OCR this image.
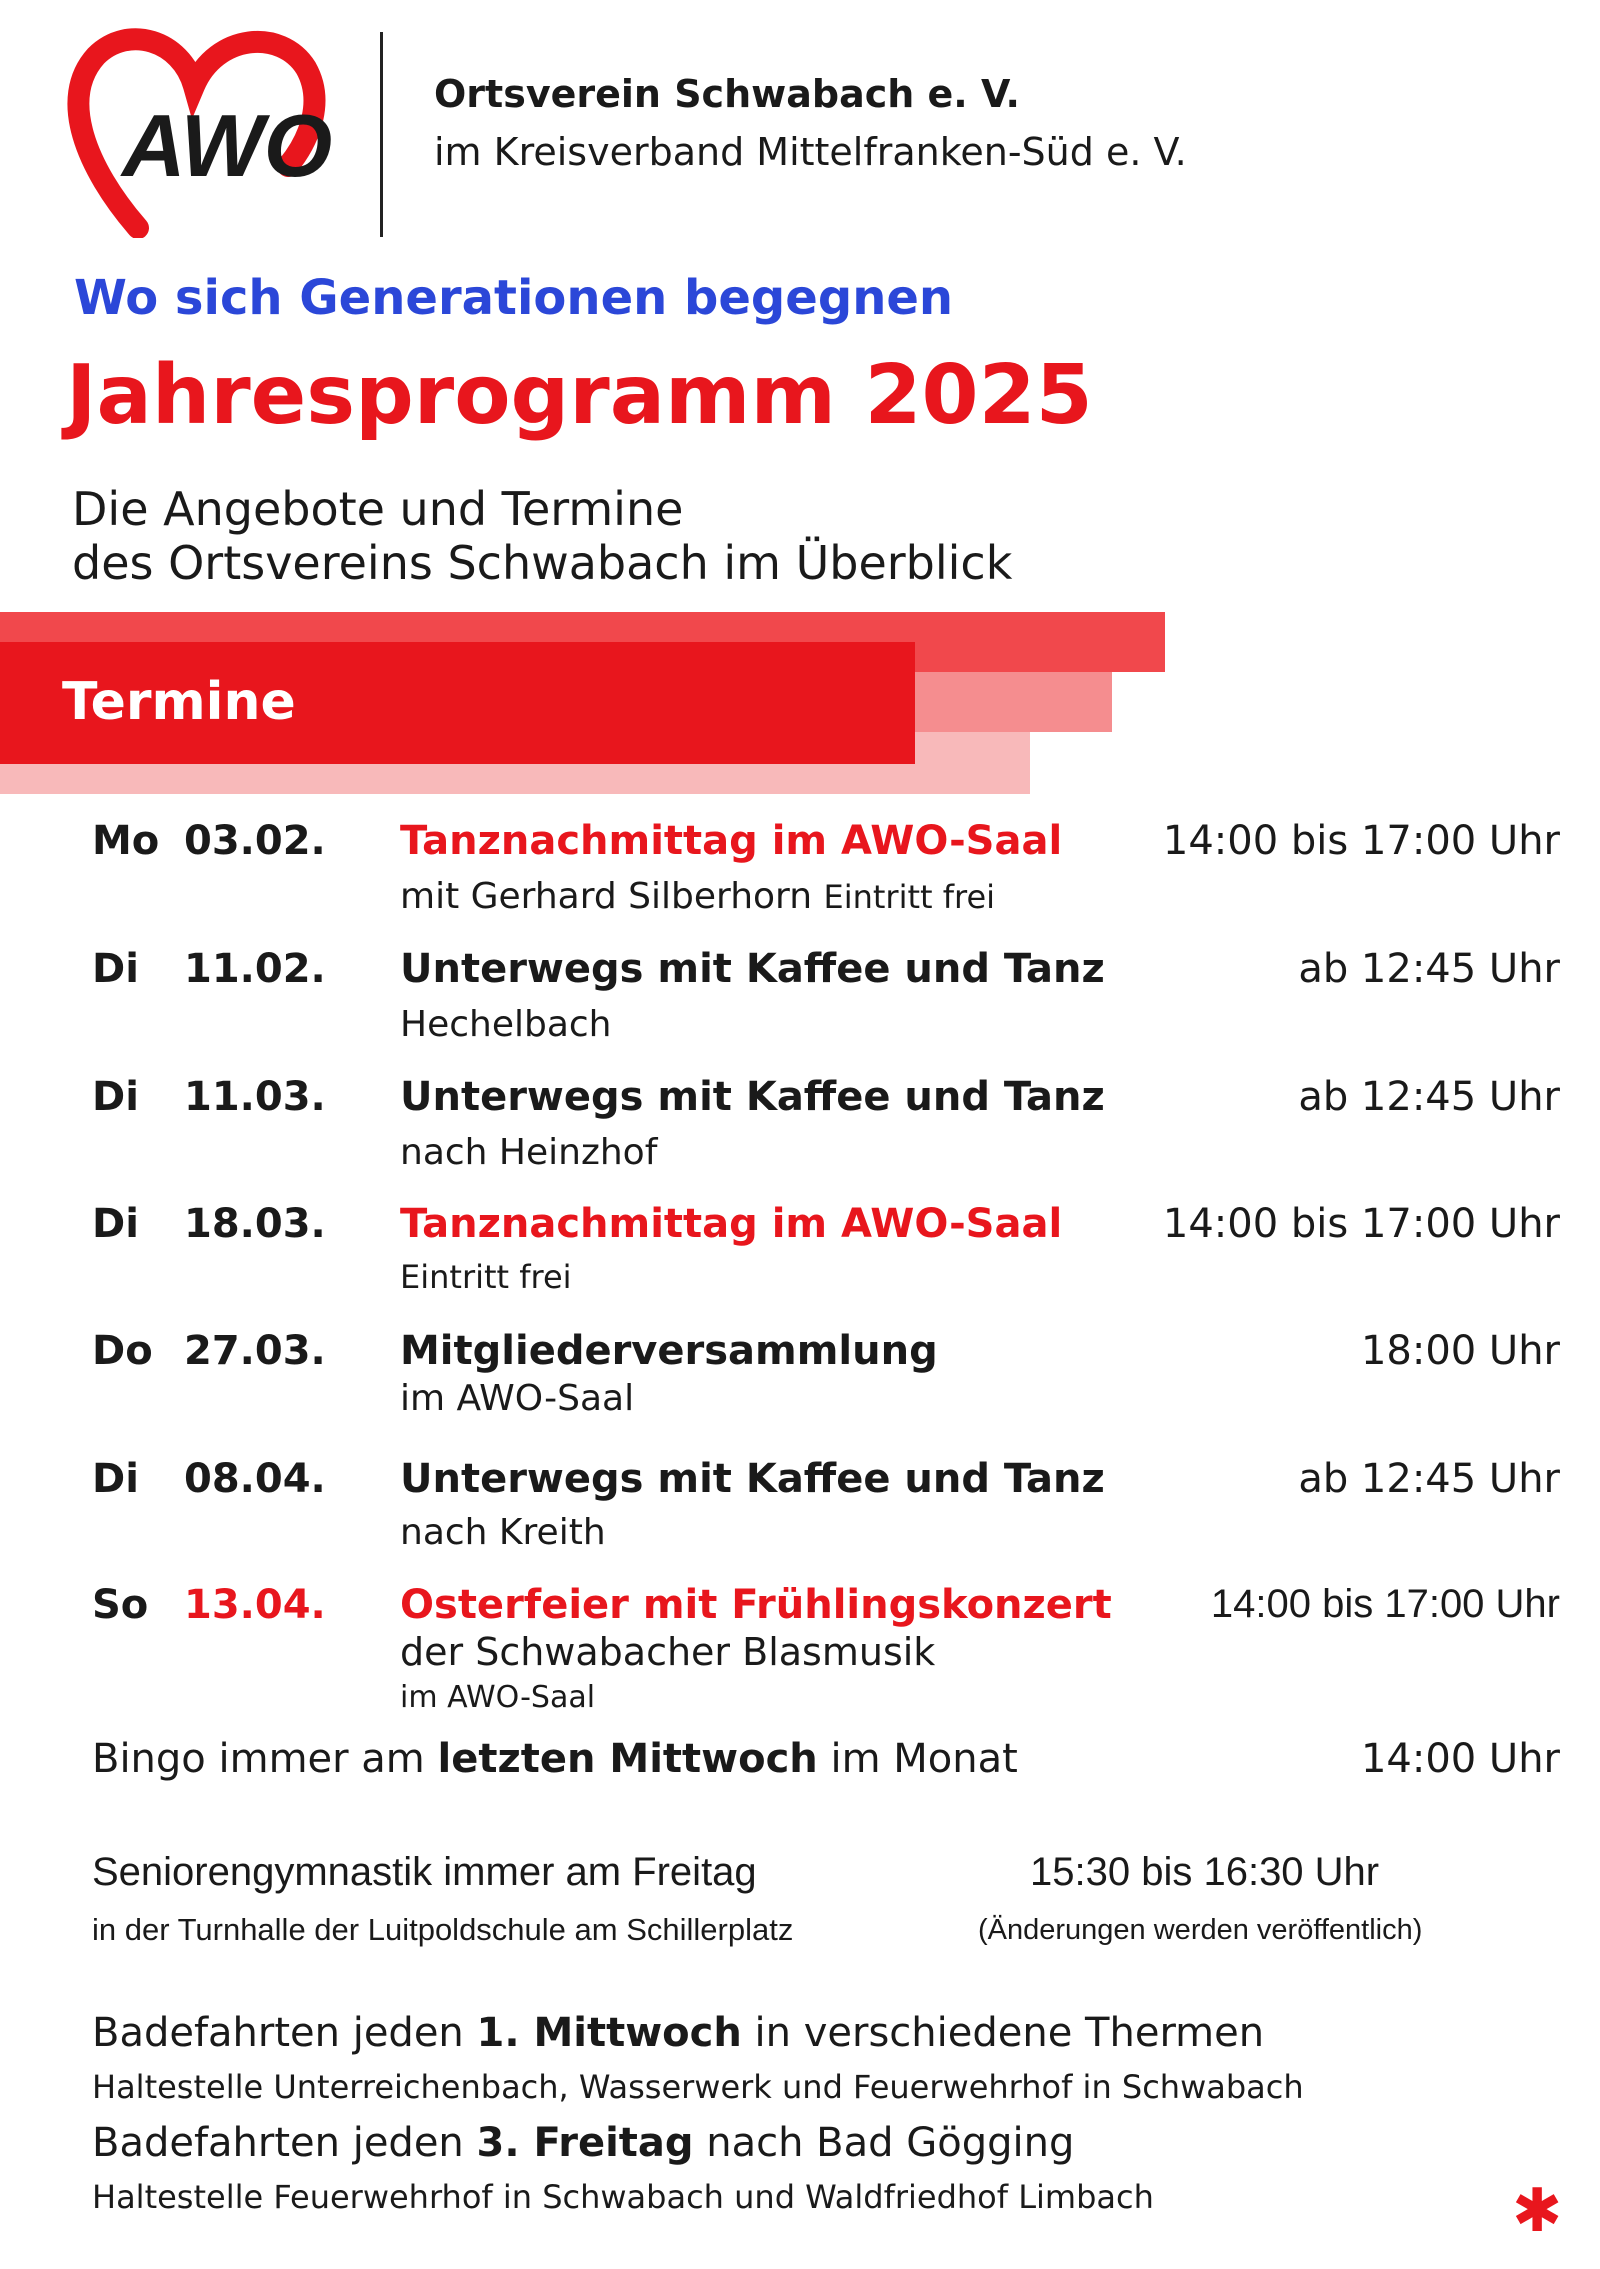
AWO
Ortsverein Schwabach e. V.
im Kreisverband Mittelfranken-Süd e. V.
Wo sich Generationen begegnen
Jahresprogramm 2025
Die Angebote und Termine
des Ortsvereins Schwabach im Überblick
Termine
Mo 03.02. Tanznachmittag im AWO-Saal	14:00 bis 17:00 Uhr
mit Gerhard Silberhorn Eintritt frei
Di 11.02. Unterwegs mit Kaffee und Tanz	ab 12:45 Uhr
Hechelbach
Di 11.03. Unterwegs mit Kaffee und Tanz	ab 12:45 Uhr
nach Heinzhof
Di 18.03. Tanznachmittag im AWO-Saal	14:00 bis 17:00 Uhr
Eintritt frei
Do 27.03. Mitgliederversammlung	18:00 Uhr
im AWO-Saal
Di 08.04. Unterwegs mit Kaffee und Tanz	ab 12:45 Uhr
nach Kreith
So 13.04. Osterfeier mit Frühlingskonzert 14:00 bis 17:00 Uhr
der Schwabacher Blasmusik
im AWO-Saal
Bingo immer am letzten Mittwoch im Monat	14:00 Uhr
Seniorengymnastik immer am Freitag	15:30 bis 16:30 Uhr
in der Turnhalle der Luitpoldschule am Schillerplatz	(Änderungen werden veröffentlich)
Badefahrten jeden 1. Mittwoch in verschiedene Thermen
Haltestelle Unterreichenbach, Wasserwerk und Feuerwehrhof in Schwabach
Badefahrten jeden 3. Freitag nach Bad Gögging
Haltestelle Feuerwehrhof in Schwabach und Waldfriedhof Limbach	✱
